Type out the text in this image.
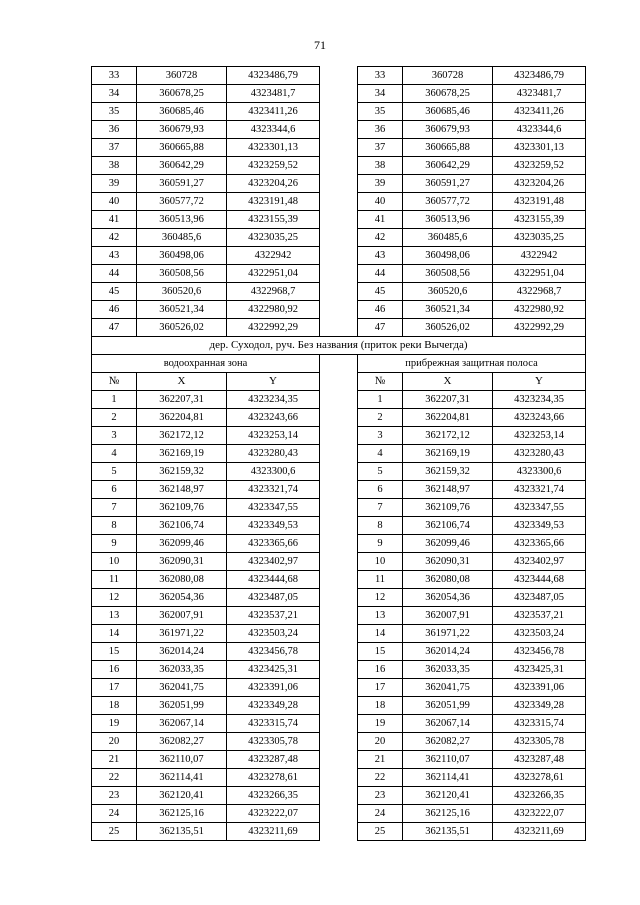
71
33	360728	4323486,79		33	360728	4323486,79
34	360678,25	4323481,7		34	360678,25	4323481,7
35	360685,46	4323411,26		35	360685,46	4323411,26
36	360679,93	4323344,6		36	360679,93	4323344,6
37	360665,88	4323301,13		37	360665,88	4323301,13
38	360642,29	4323259,52		38	360642,29	4323259,52
39	360591,27	4323204,26		39	360591,27	4323204,26
40	360577,72	4323191,48		40	360577,72	4323191,48
41	360513,96	4323155,39		41	360513,96	4323155,39
42	360485,6	4323035,25		42	360485,6	4323035,25
43	360498,06	4322942		43	360498,06	4322942
44	360508,56	4322951,04		44	360508,56	4322951,04
45	360520,6	4322968,7		45	360520,6	4322968,7
46	360521,34	4322980,92		46	360521,34	4322980,92
47	360526,02	4322992,29		47	360526,02	4322992,29
дер. Суходол, руч. Без названия (приток реки Вычегда)						
водоохранная зона				прибрежная защитная полоса		
№	X	Y		№	X	Y
1	362207,31	4323234,35		1	362207,31	4323234,35
2	362204,81	4323243,66		2	362204,81	4323243,66
3	362172,12	4323253,14		3	362172,12	4323253,14
4	362169,19	4323280,43		4	362169,19	4323280,43
5	362159,32	4323300,6		5	362159,32	4323300,6
6	362148,97	4323321,74		6	362148,97	4323321,74
7	362109,76	4323347,55		7	362109,76	4323347,55
8	362106,74	4323349,53		8	362106,74	4323349,53
9	362099,46	4323365,66		9	362099,46	4323365,66
10	362090,31	4323402,97		10	362090,31	4323402,97
11	362080,08	4323444,68		11	362080,08	4323444,68
12	362054,36	4323487,05		12	362054,36	4323487,05
13	362007,91	4323537,21		13	362007,91	4323537,21
14	361971,22	4323503,24		14	361971,22	4323503,24
15	362014,24	4323456,78		15	362014,24	4323456,78
16	362033,35	4323425,31		16	362033,35	4323425,31
17	362041,75	4323391,06		17	362041,75	4323391,06
18	362051,99	4323349,28		18	362051,99	4323349,28
19	362067,14	4323315,74		19	362067,14	4323315,74
20	362082,27	4323305,78		20	362082,27	4323305,78
21	362110,07	4323287,48		21	362110,07	4323287,48
22	362114,41	4323278,61		22	362114,41	4323278,61
23	362120,41	4323266,35		23	362120,41	4323266,35
24	362125,16	4323222,07		24	362125,16	4323222,07
25	362135,51	4323211,69		25	362135,51	4323211,69
